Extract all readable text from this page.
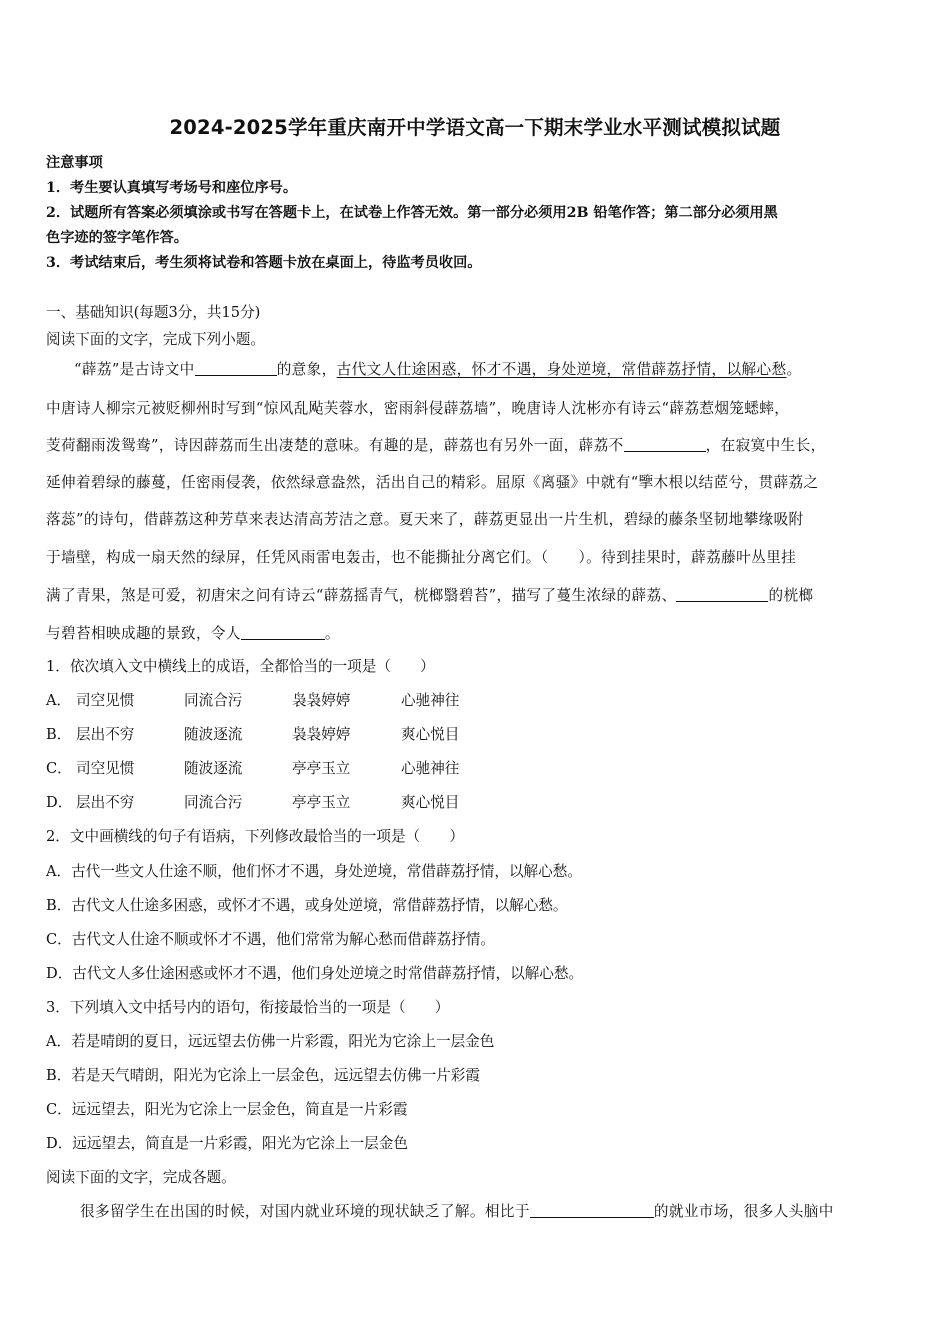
2024-2025学年重庆南开中学语文高一下期末学业水平测试模拟试题
注意事项
1．考生要认真填写考场号和座位序号。
2．试题所有答案必须填涂或书写在答题卡上，在试卷上作答无效。第一部分必须用2B 铅笔作答；第二部分必须用黑
色字迹的签字笔作答。
3．考试结束后，考生须将试卷和答题卡放在桌面上，待监考员收回。
一、基础知识(每题3分，共15分)
阅读下面的文字，完成下列小题。
“薜荔”是古诗文中	的意象，古代文人仕途困惑，怀才不遇，身处逆境，常借薜荔抒情，以解心愁。
中唐诗人柳宗元被贬柳州时写到“惊风乱飐芙蓉水，密雨斜侵薜荔墙”，晚唐诗人沈彬亦有诗云“薜荔惹烟笼蟋蟀，
芰荷翻雨泼鸳鸯”，诗因薜荔而生出凄楚的意味。有趣的是，薜荔也有另外一面，薜荔不	，在寂寞中生长，
延伸着碧绿的藤蔓，任密雨侵袭，依然绿意盎然，活出自己的精彩。屈原《离骚》中就有“擥木根以结茝兮，贯薜荔之
落蕊”的诗句，借薜荔这种芳草来表达清高芳洁之意。夏天来了，薜荔更显出一片生机，碧绿的藤条坚韧地攀缘吸附
于墙壁，构成一扇天然的绿屏，任凭风雨雷电轰击，也不能撕扯分离它们。（　　）。待到挂果时，薜荔藤叶丛里挂
满了青果，煞是可爱，初唐宋之问有诗云“薜荔摇青气，桄榔翳碧苔”，描写了蔓生浓绿的薜荔、	的桄榔
与碧苔相映成趣的景致，令人	。
1．依次填入文中横线上的成语，全都恰当的一项是（　　）
A． 司空见惯	同流合污	袅袅婷婷	心驰神往
B． 层出不穷	随波逐流	袅袅婷婷	爽心悦目
C． 司空见惯	随波逐流	亭亭玉立	心驰神往
D． 层出不穷	同流合污	亭亭玉立	爽心悦目
2．文中画横线的句子有语病，下列修改最恰当的一项是（　　）
A．古代一些文人仕途不顺，他们怀才不遇，身处逆境，常借薜荔抒情，以解心愁。
B．古代文人仕途多困惑，或怀才不遇，或身处逆境，常借薜荔抒情，以解心愁。
C．古代文人仕途不顺或怀才不遇，他们常常为解心愁而借薜荔抒情。
D．古代文人多仕途困惑或怀才不遇，他们身处逆境之时常借薜荔抒情，以解心愁。
3．下列填入文中括号内的语句，衔接最恰当的一项是（　　）
A．若是晴朗的夏日，远远望去仿佛一片彩霞，阳光为它涂上一层金色
B．若是天气晴朗，阳光为它涂上一层金色，远远望去仿佛一片彩霞
C．远远望去，阳光为它涂上一层金色，简直是一片彩霞
D．远远望去，简直是一片彩霞，阳光为它涂上一层金色
阅读下面的文字，完成各题。
很多留学生在出国的时候，对国内就业环境的现状缺乏了解。相比于	的就业市场，很多人头脑中
